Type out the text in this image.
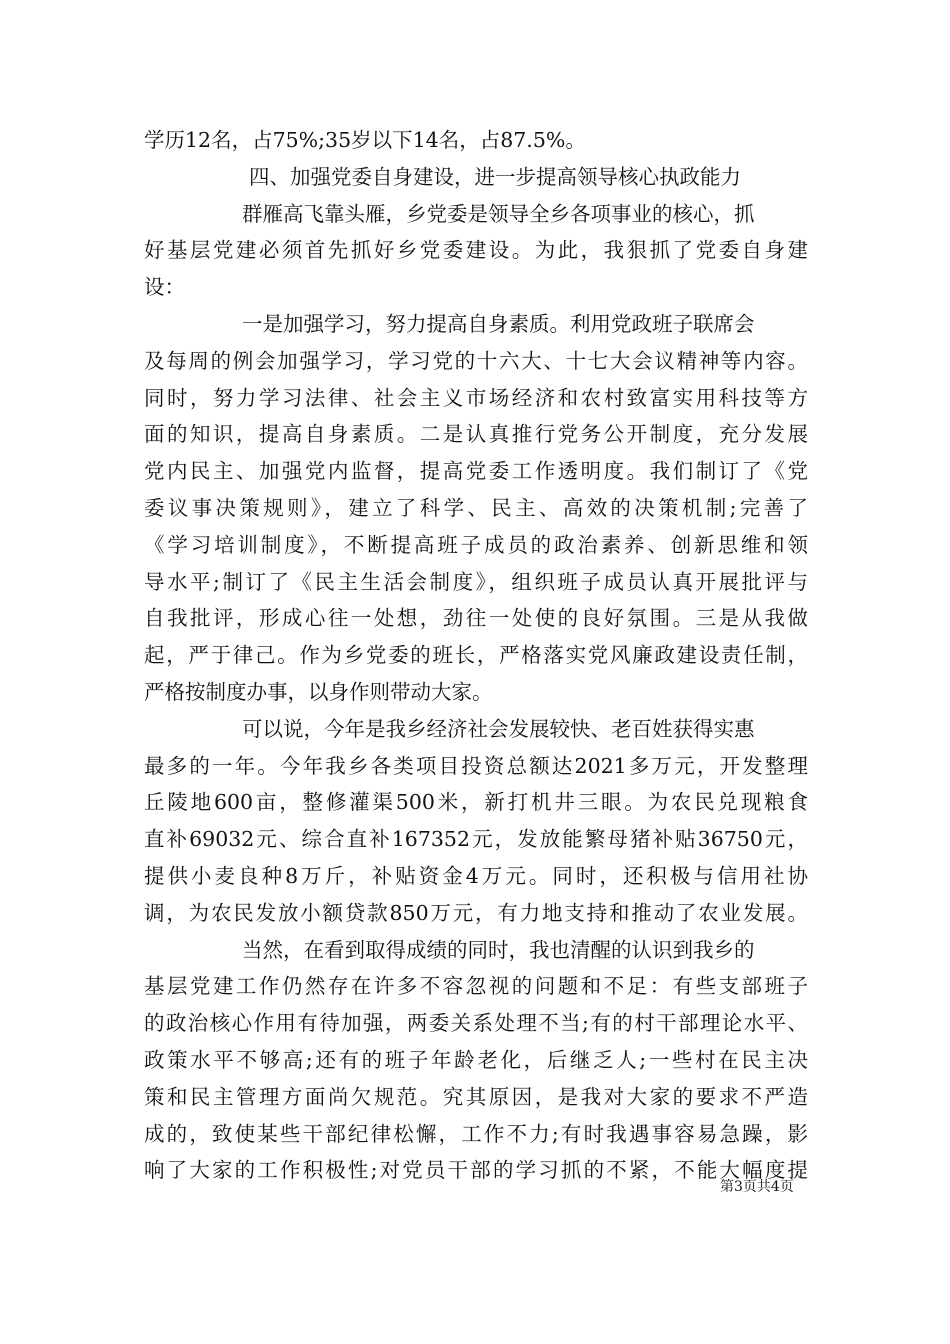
学历12名，占75%;35岁以下14名，占87.5%。
四、加强党委自身建设，进一步提高领导核心执政能力
群雁高飞靠头雁，乡党委是领导全乡各项事业的核心，抓
好基层党建必须首先抓好乡党委建设。为此，我狠抓了党委自身建
设：
一是加强学习，努力提高自身素质。利用党政班子联席会
及每周的例会加强学习，学习党的十六大、十七大会议精神等内容。
同时，努力学习法律、社会主义市场经济和农村致富实用科技等方
面的知识，提高自身素质。二是认真推行党务公开制度，充分发展
党内民主、加强党内监督，提高党委工作透明度。我们制订了《党
委议事决策规则》，建立了科学、民主、高效的决策机制;完善了
《学习培训制度》，不断提高班子成员的政治素养、创新思维和领
导水平;制订了《民主生活会制度》，组织班子成员认真开展批评与
自我批评，形成心往一处想，劲往一处使的良好氛围。三是从我做
起，严于律己。作为乡党委的班长，严格落实党风廉政建设责任制，
严格按制度办事，以身作则带动大家。
可以说，今年是我乡经济社会发展较快、老百姓获得实惠
最多的一年。今年我乡各类项目投资总额达2021多万元，开发整理
丘陵地600亩，整修灌渠500米，新打机井三眼。为农民兑现粮食
直补69032元、综合直补167352元，发放能繁母猪补贴36750元，
提供小麦良种8万斤，补贴资金4万元。同时，还积极与信用社协
调，为农民发放小额贷款850万元，有力地支持和推动了农业发展。
当然，在看到取得成绩的同时，我也清醒的认识到我乡的
基层党建工作仍然存在许多不容忽视的问题和不足：有些支部班子
的政治核心作用有待加强，两委关系处理不当;有的村干部理论水平、
政策水平不够高;还有的班子年龄老化，后继乏人;一些村在民主决
策和民主管理方面尚欠规范。究其原因，是我对大家的要求不严造
成的，致使某些干部纪律松懈，工作不力;有时我遇事容易急躁，影
响了大家的工作积极性;对党员干部的学习抓的不紧，不能大幅度提
第3页共4页
